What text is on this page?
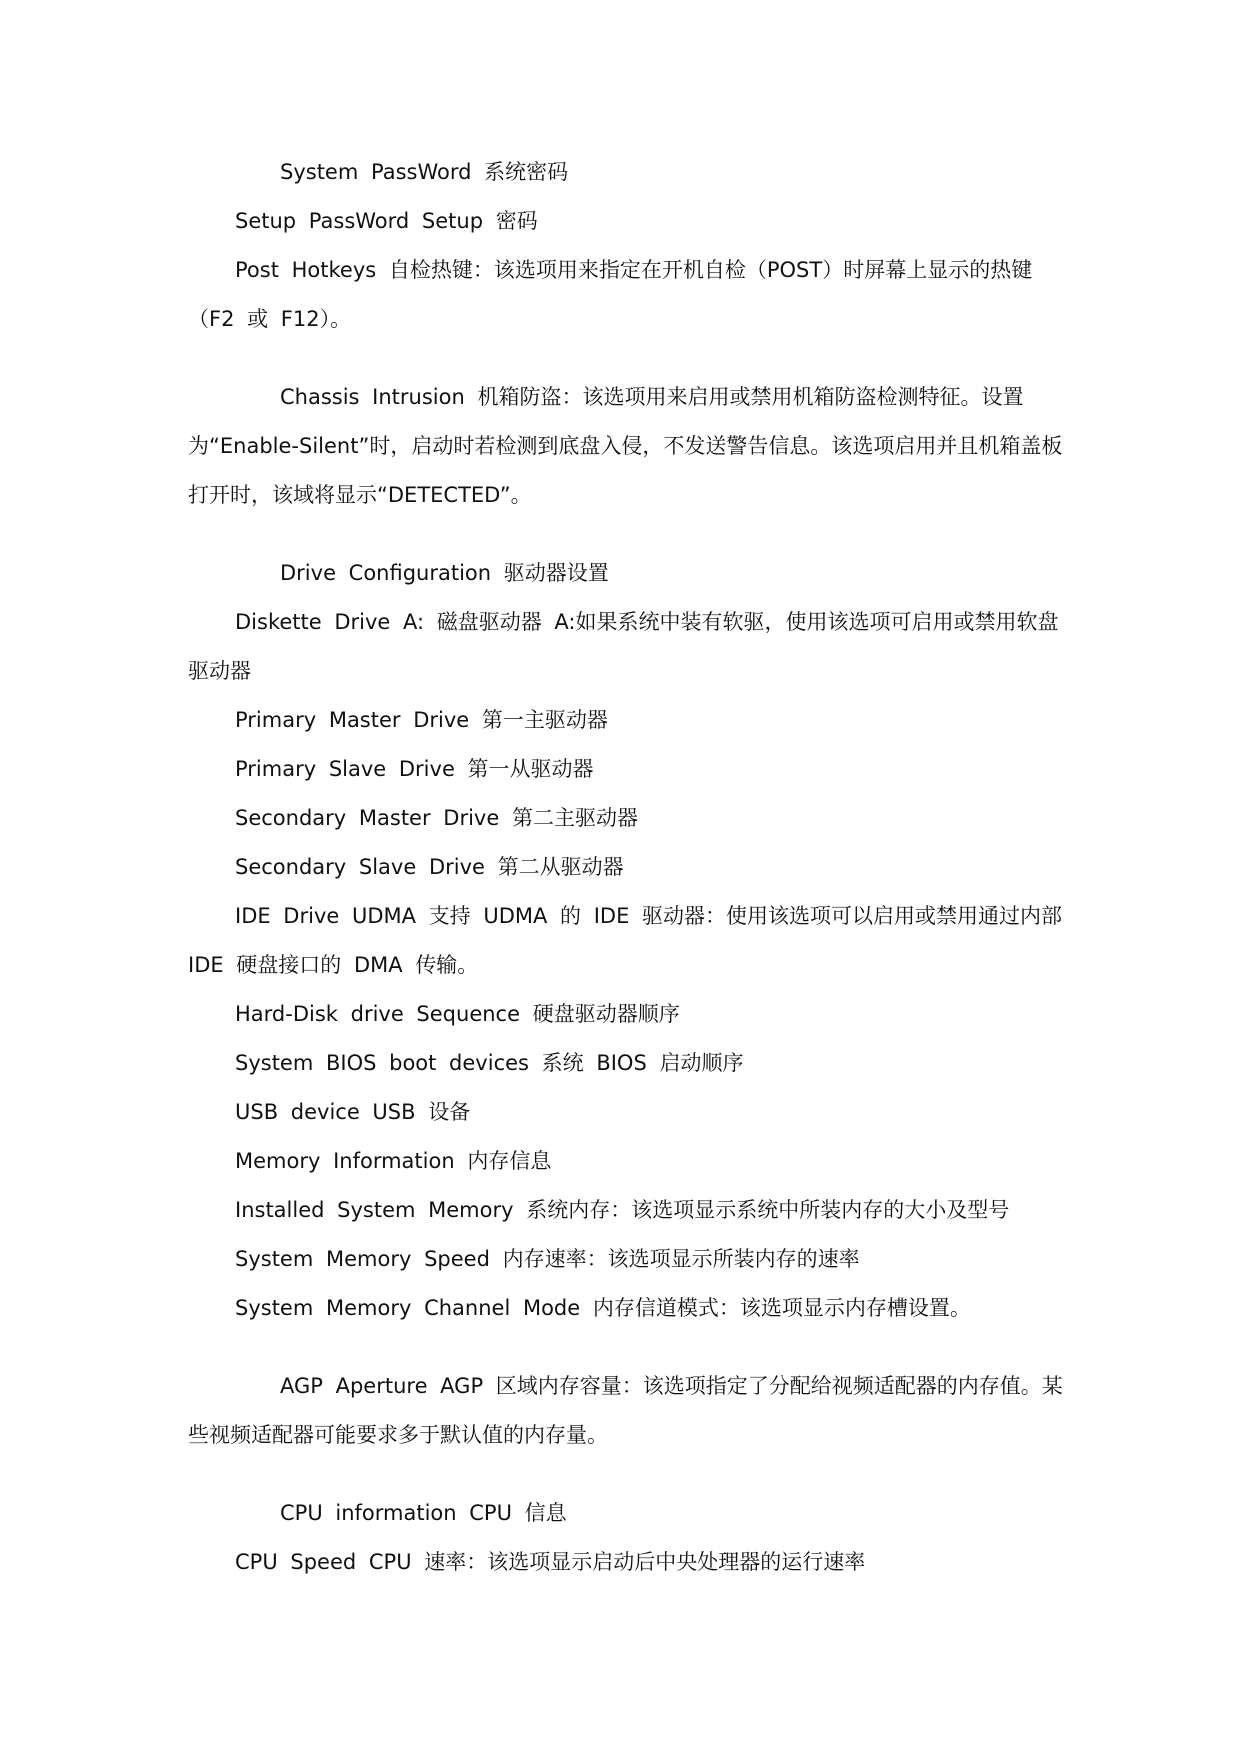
System PassWord 系统密码

Setup PassWord Setup 密码

Post Hotkeys 自检热键：该选项用来指定在开机自检（POST）时屏幕上显示的热键（F2 或 F12）。

Chassis Intrusion 机箱防盗：该选项用来启用或禁用机箱防盗检测特征。设置为“Enable-Silent”时，启动时若检测到底盘入侵，不发送警告信息。该选项启用并且机箱盖板打开时，该域将显示“DETECTED”。

Drive Configuration 驱动器设置

Diskette Drive A: 磁盘驱动器 A:如果系统中装有软驱，使用该选项可启用或禁用软盘驱动器

Primary Master Drive 第一主驱动器

Primary Slave Drive 第一从驱动器

Secondary Master Drive 第二主驱动器

Secondary Slave Drive 第二从驱动器

IDE Drive UDMA 支持 UDMA 的 IDE 驱动器：使用该选项可以启用或禁用通过内部 IDE 硬盘接口的 DMA 传输。

Hard-Disk drive Sequence 硬盘驱动器顺序

System BIOS boot devices 系统 BIOS 启动顺序

USB device USB 设备

Memory Information 内存信息

Installed System Memory 系统内存：该选项显示系统中所装内存的大小及型号

System Memory Speed 内存速率：该选项显示所装内存的速率

System Memory Channel Mode 内存信道模式：该选项显示内存槽设置。

AGP Aperture AGP 区域内存容量：该选项指定了分配给视频适配器的内存值。某些视频适配器可能要求多于默认值的内存量。

CPU information CPU 信息

CPU Speed CPU 速率：该选项显示启动后中央处理器的运行速率
